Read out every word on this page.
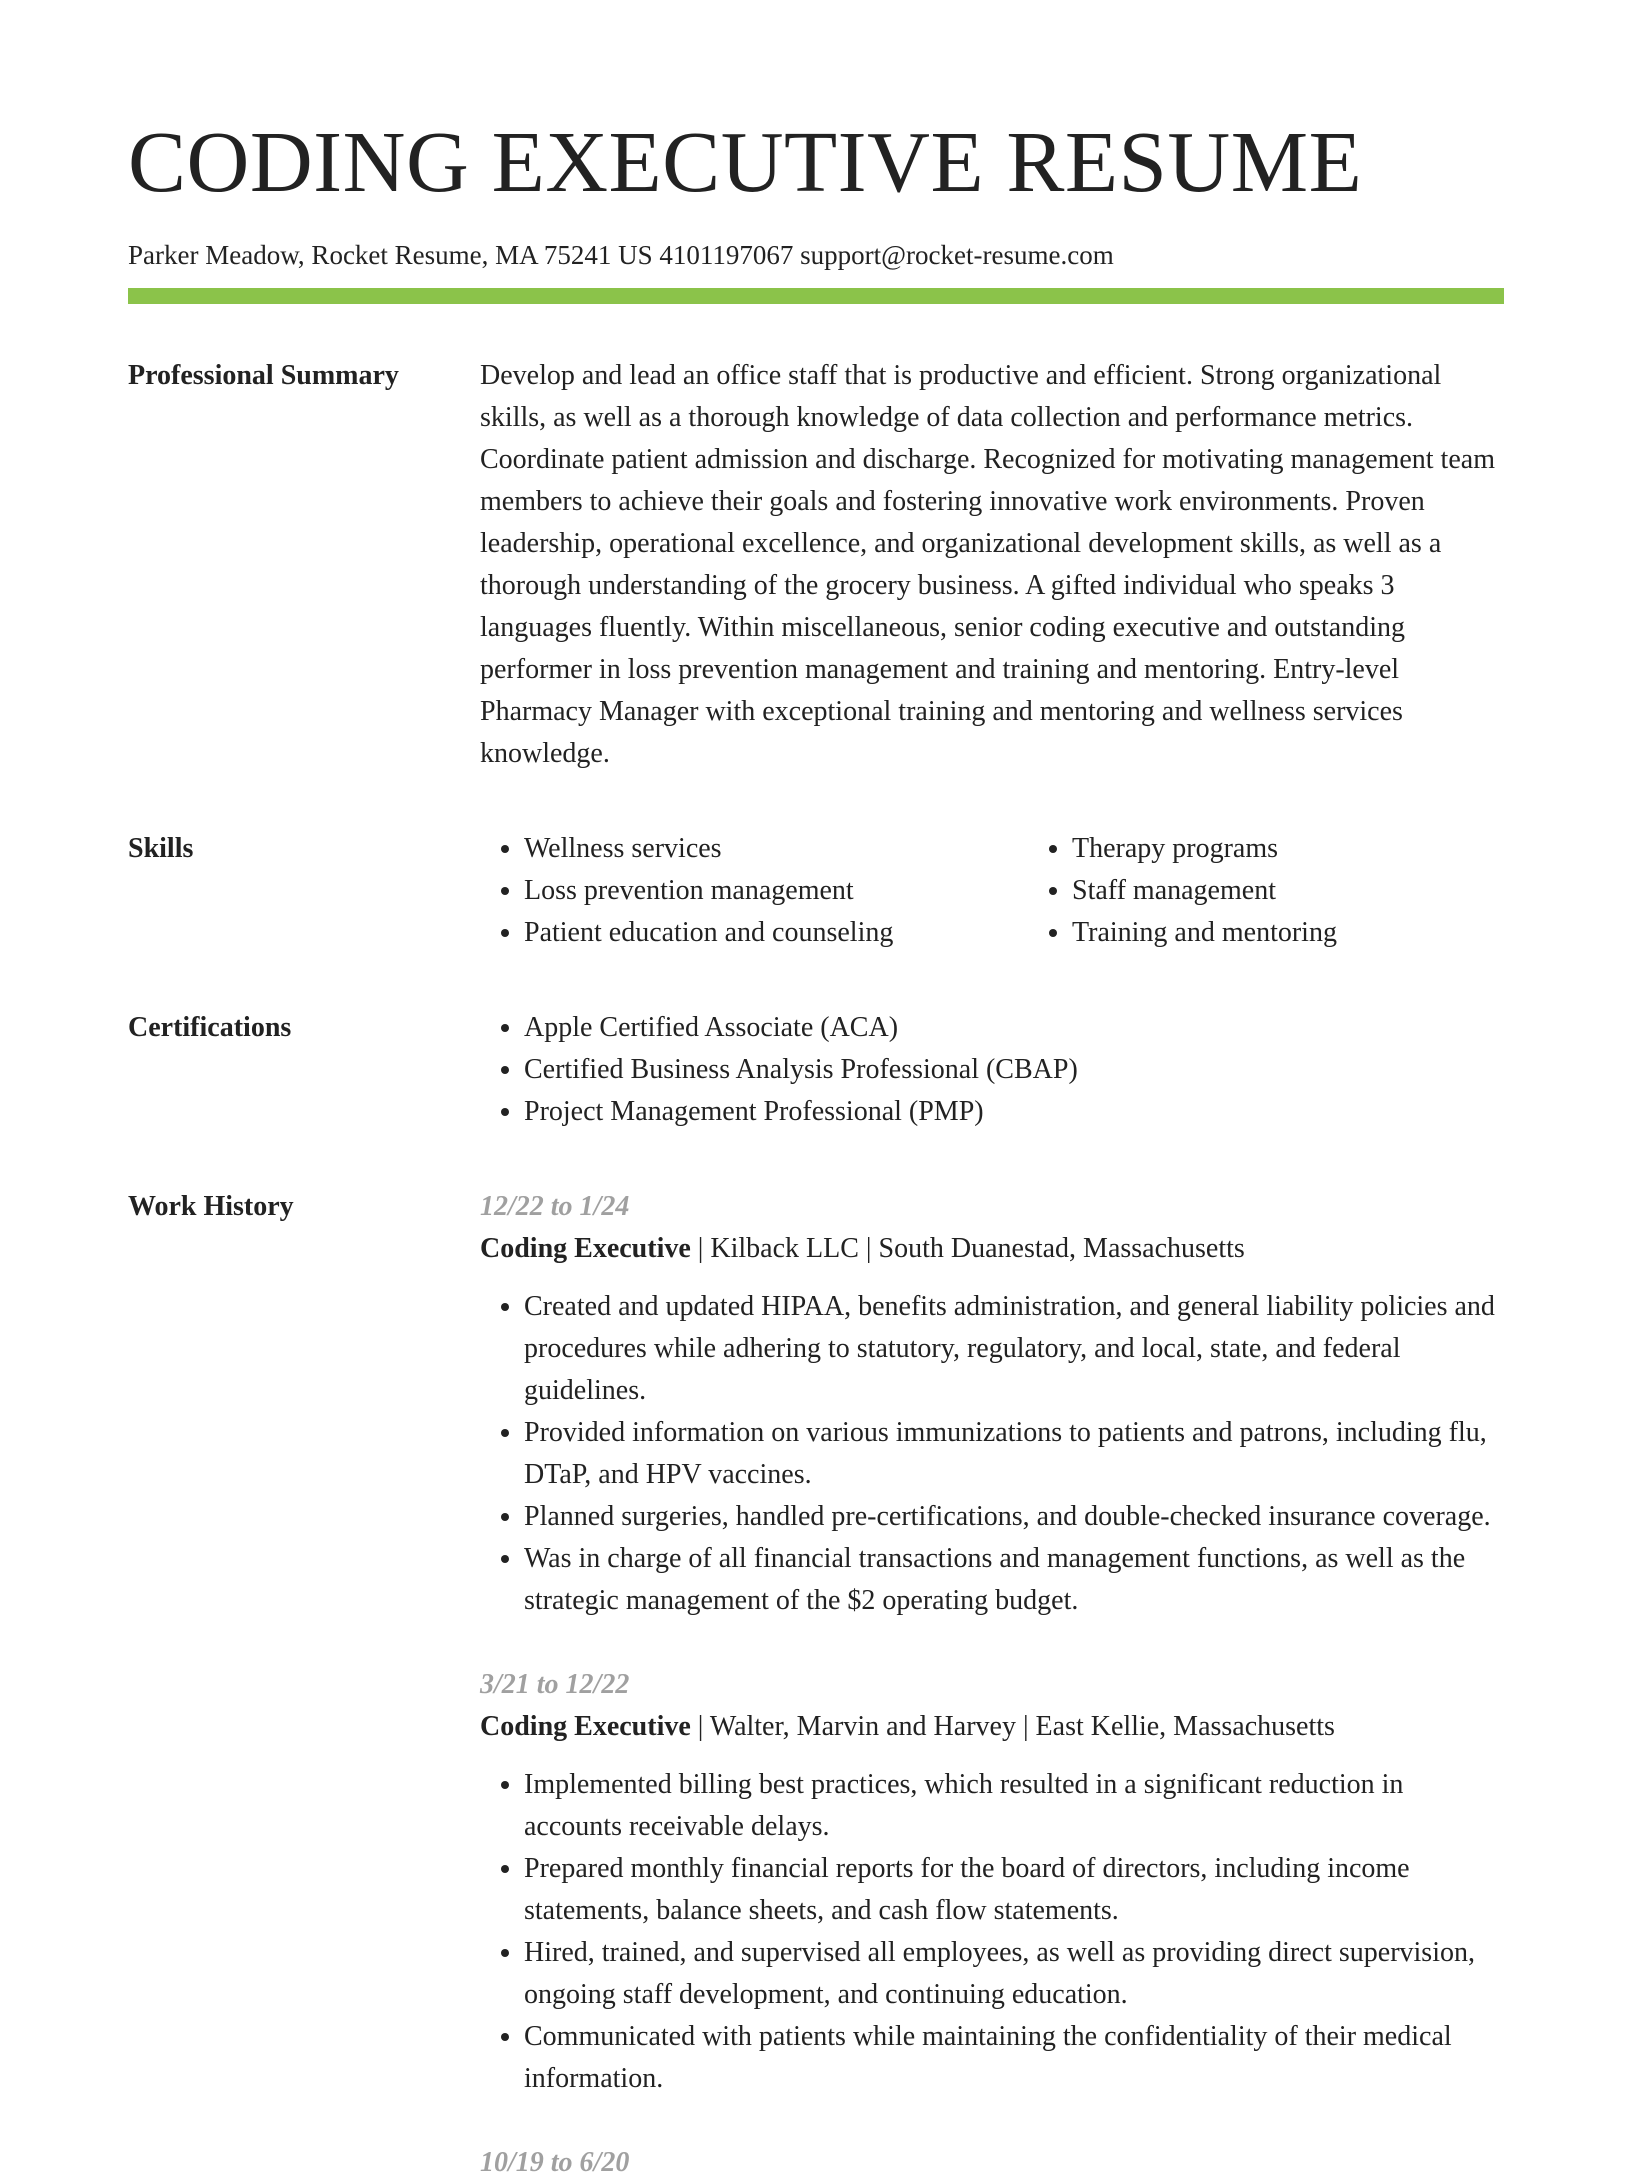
CODING EXECUTIVE RESUME
Parker Meadow, Rocket Resume, MA 75241 US 4101197067 support@rocket-resume.com
Professional Summary	Develop and lead an office staff that is productive and efficient. Strong organizational skills, as well as a thorough knowledge of data collection and performance metrics. Coordinate patient admission and discharge. Recognized for motivating management team members to achieve their goals and fostering innovative work environments. Proven leadership, operational excellence, and organizational development skills, as well as a thorough understanding of the grocery business. A gifted individual who speaks 3 languages fluently. Within miscellaneous, senior coding executive and outstanding performer in loss prevention management and training and mentoring. Entry-level Pharmacy Manager with exceptional training and mentoring and wellness services knowledge.

Skills	• Wellness services
• Loss prevention management
• Patient education and counseling
• Therapy programs
• Staff management
• Training and mentoring
Certifications	• Apple Certified Associate (ACA)
• Certified Business Analysis Professional (CBAP)
• Project Management Professional (PMP)
Work History	12/22 to 1/24
Coding Executive | Kilback LLC | South Duanestad, Massachusetts
• Created and updated HIPAA, benefits administration, and general liability policies and procedures while adhering to statutory, regulatory, and local, state, and federal guidelines.
• Provided information on various immunizations to patients and patrons, including flu, DTaP, and HPV vaccines.
• Planned surgeries, handled pre-certifications, and double-checked insurance coverage.
• Was in charge of all financial transactions and management functions, as well as the strategic management of the $2 operating budget.
3/21 to 12/22
Coding Executive | Walter, Marvin and Harvey | East Kellie, Massachusetts
• Implemented billing best practices, which resulted in a significant reduction in accounts receivable delays.
• Prepared monthly financial reports for the board of directors, including income statements, balance sheets, and cash flow statements.
• Hired, trained, and supervised all employees, as well as providing direct supervision, ongoing staff development, and continuing education.
• Communicated with patients while maintaining the confidentiality of their medical information.
10/19 to 6/20
